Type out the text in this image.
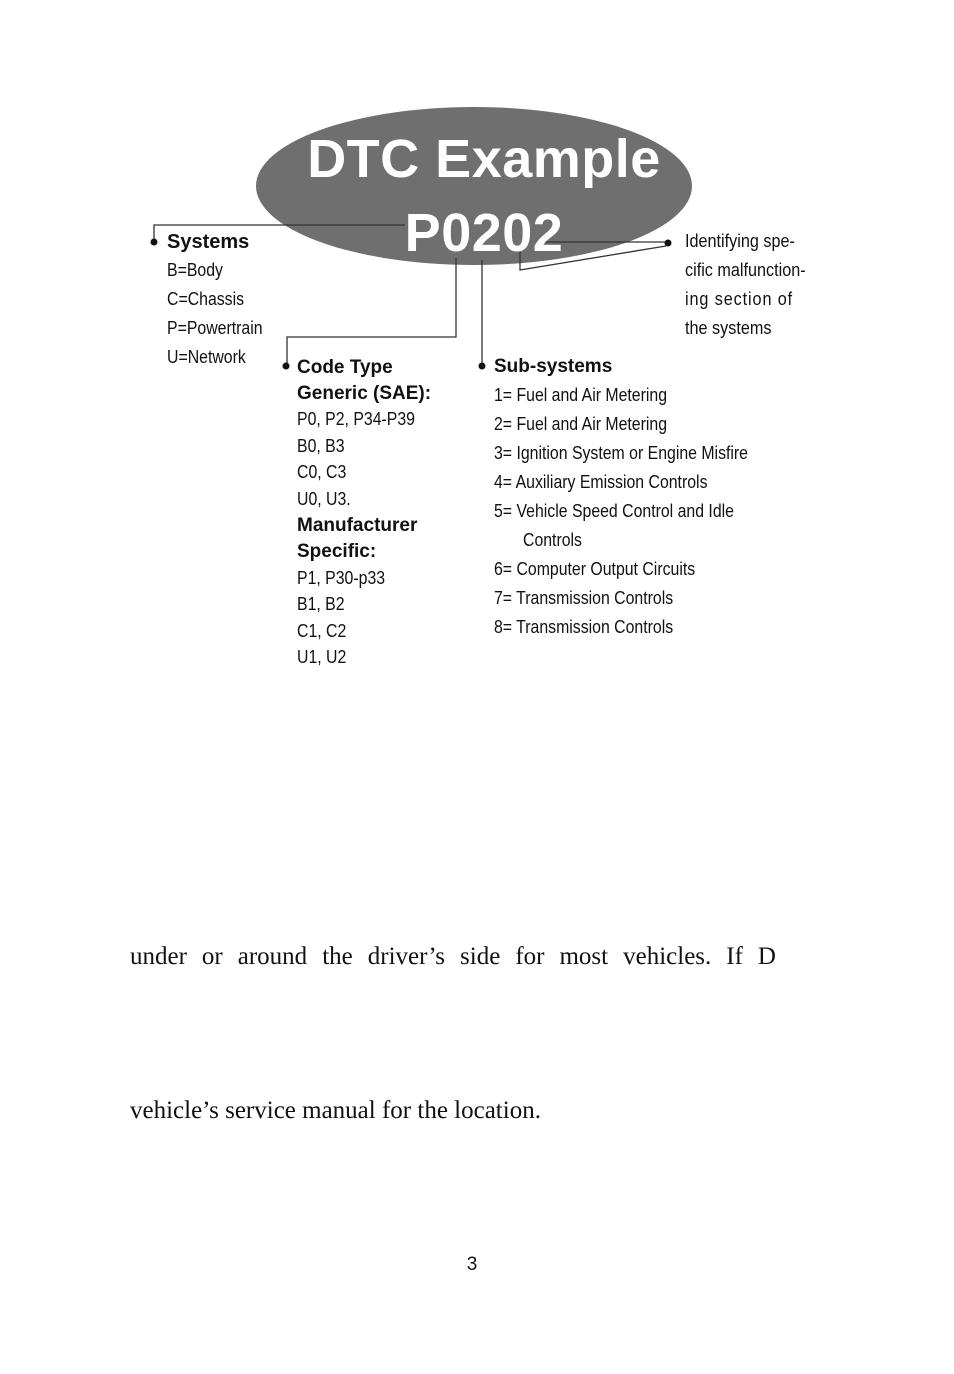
DTC Example
P0202
Systems
B=Body
C=Chassis
P=Powertrain
U=Network	Code Type
Generic (SAE):
P0, P2, P34-P39
B0, B3
C0, C3
U0, U3.
Manufacturer
Specific:
P1, P30-p33
B1, B2
C1, C2
U1, U2
Sub-systems
1= Fuel and Air Metering
2= Fuel and Air Metering
3= Ignition System or Engine Misfire
4= Auxiliary Emission Controls
5= Vehicle Speed Control and Idle
Controls
6= Computer Output Circuits
7= Transmission Controls
8= Transmission Controls
Identifying spe-
cific malfunction-
ing section of
the systems
under or around the driver’s side for most vehicles. If D
vehicle’s service manual for the location.
3
